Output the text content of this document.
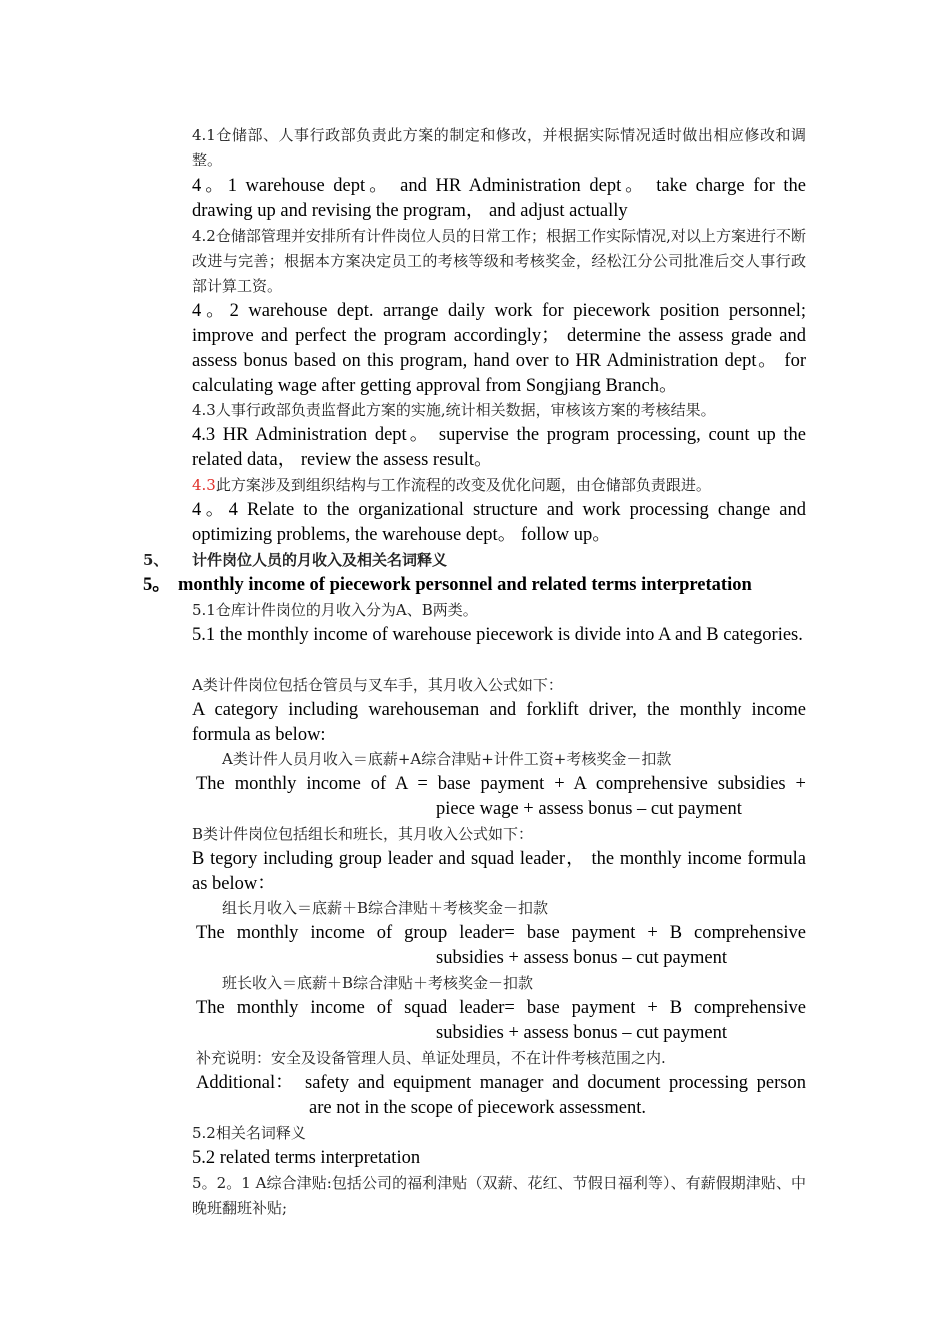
4.1仓储部、人事行政部负责此方案的制定和修改，并根据实际情况适时做出相应修改和调整。

4。1 warehouse dept。 and HR Administration dept。 take charge for the drawing up and revising the program， and adjust actually

4.2仓储部管理并安排所有计件岗位人员的日常工作；根据工作实际情况,对以上方案进行不断改进与完善；根据本方案决定员工的考核等级和考核奖金，经松江分公司批准后交人事行政部计算工资。

4。2 warehouse dept. arrange daily work for piecework position personnel; improve and perfect the program accordingly； determine the assess grade and assess bonus based on this program, hand over to HR Administration dept。 for calculating wage after getting approval from Songjiang Branch。

4.3人事行政部负责监督此方案的实施,统计相关数据，审核该方案的考核结果。

4.3 HR Administration dept。 supervise the program processing, count up the related data， review the assess result。

4.3此方案涉及到组织结构与工作流程的改变及优化问题，由仓储部负责跟进。

4。4 Relate to the organizational structure and work processing change and optimizing problems, the warehouse dept。 follow up。

5、	计件岗位人员的月收入及相关名词释义
5。 monthly income of piecework personnel and related terms interpretation

5.1仓库计件岗位的月收入分为A、B两类。

5.1 the monthly income of warehouse piecework is divide into A and B categories.

A类计件岗位包括仓管员与叉车手，其月收入公式如下：

A category including warehouseman and forklift driver, the monthly income formula as below:

A类计件人员月收入＝底薪+A综合津贴+计件工资+考核奖金－扣款

The monthly income of A = base payment + A comprehensive subsidies +
piece wage + assess bonus – cut payment

B类计件岗位包括组长和班长，其月收入公式如下：

B tegory including group leader and squad leader， the monthly income formula as below：

组长月收入＝底薪＋B综合津贴＋考核奖金－扣款

The monthly income of group leader= base payment + B comprehensive
subsidies + assess bonus – cut payment

班长收入＝底薪＋B综合津贴＋考核奖金－扣款

The monthly income of squad leader= base payment + B comprehensive
subsidies + assess bonus – cut payment

补充说明：安全及设备管理人员、单证处理员，不在计件考核范围之内.

Additional： safety and equipment manager and document processing person
are not in the scope of piecework assessment.

5.2相关名词释义

5.2 related terms interpretation

5。2。1 A综合津贴:包括公司的福利津贴（双薪、花红、节假日福利等）、有薪假期津贴、中晚班翻班补贴;
